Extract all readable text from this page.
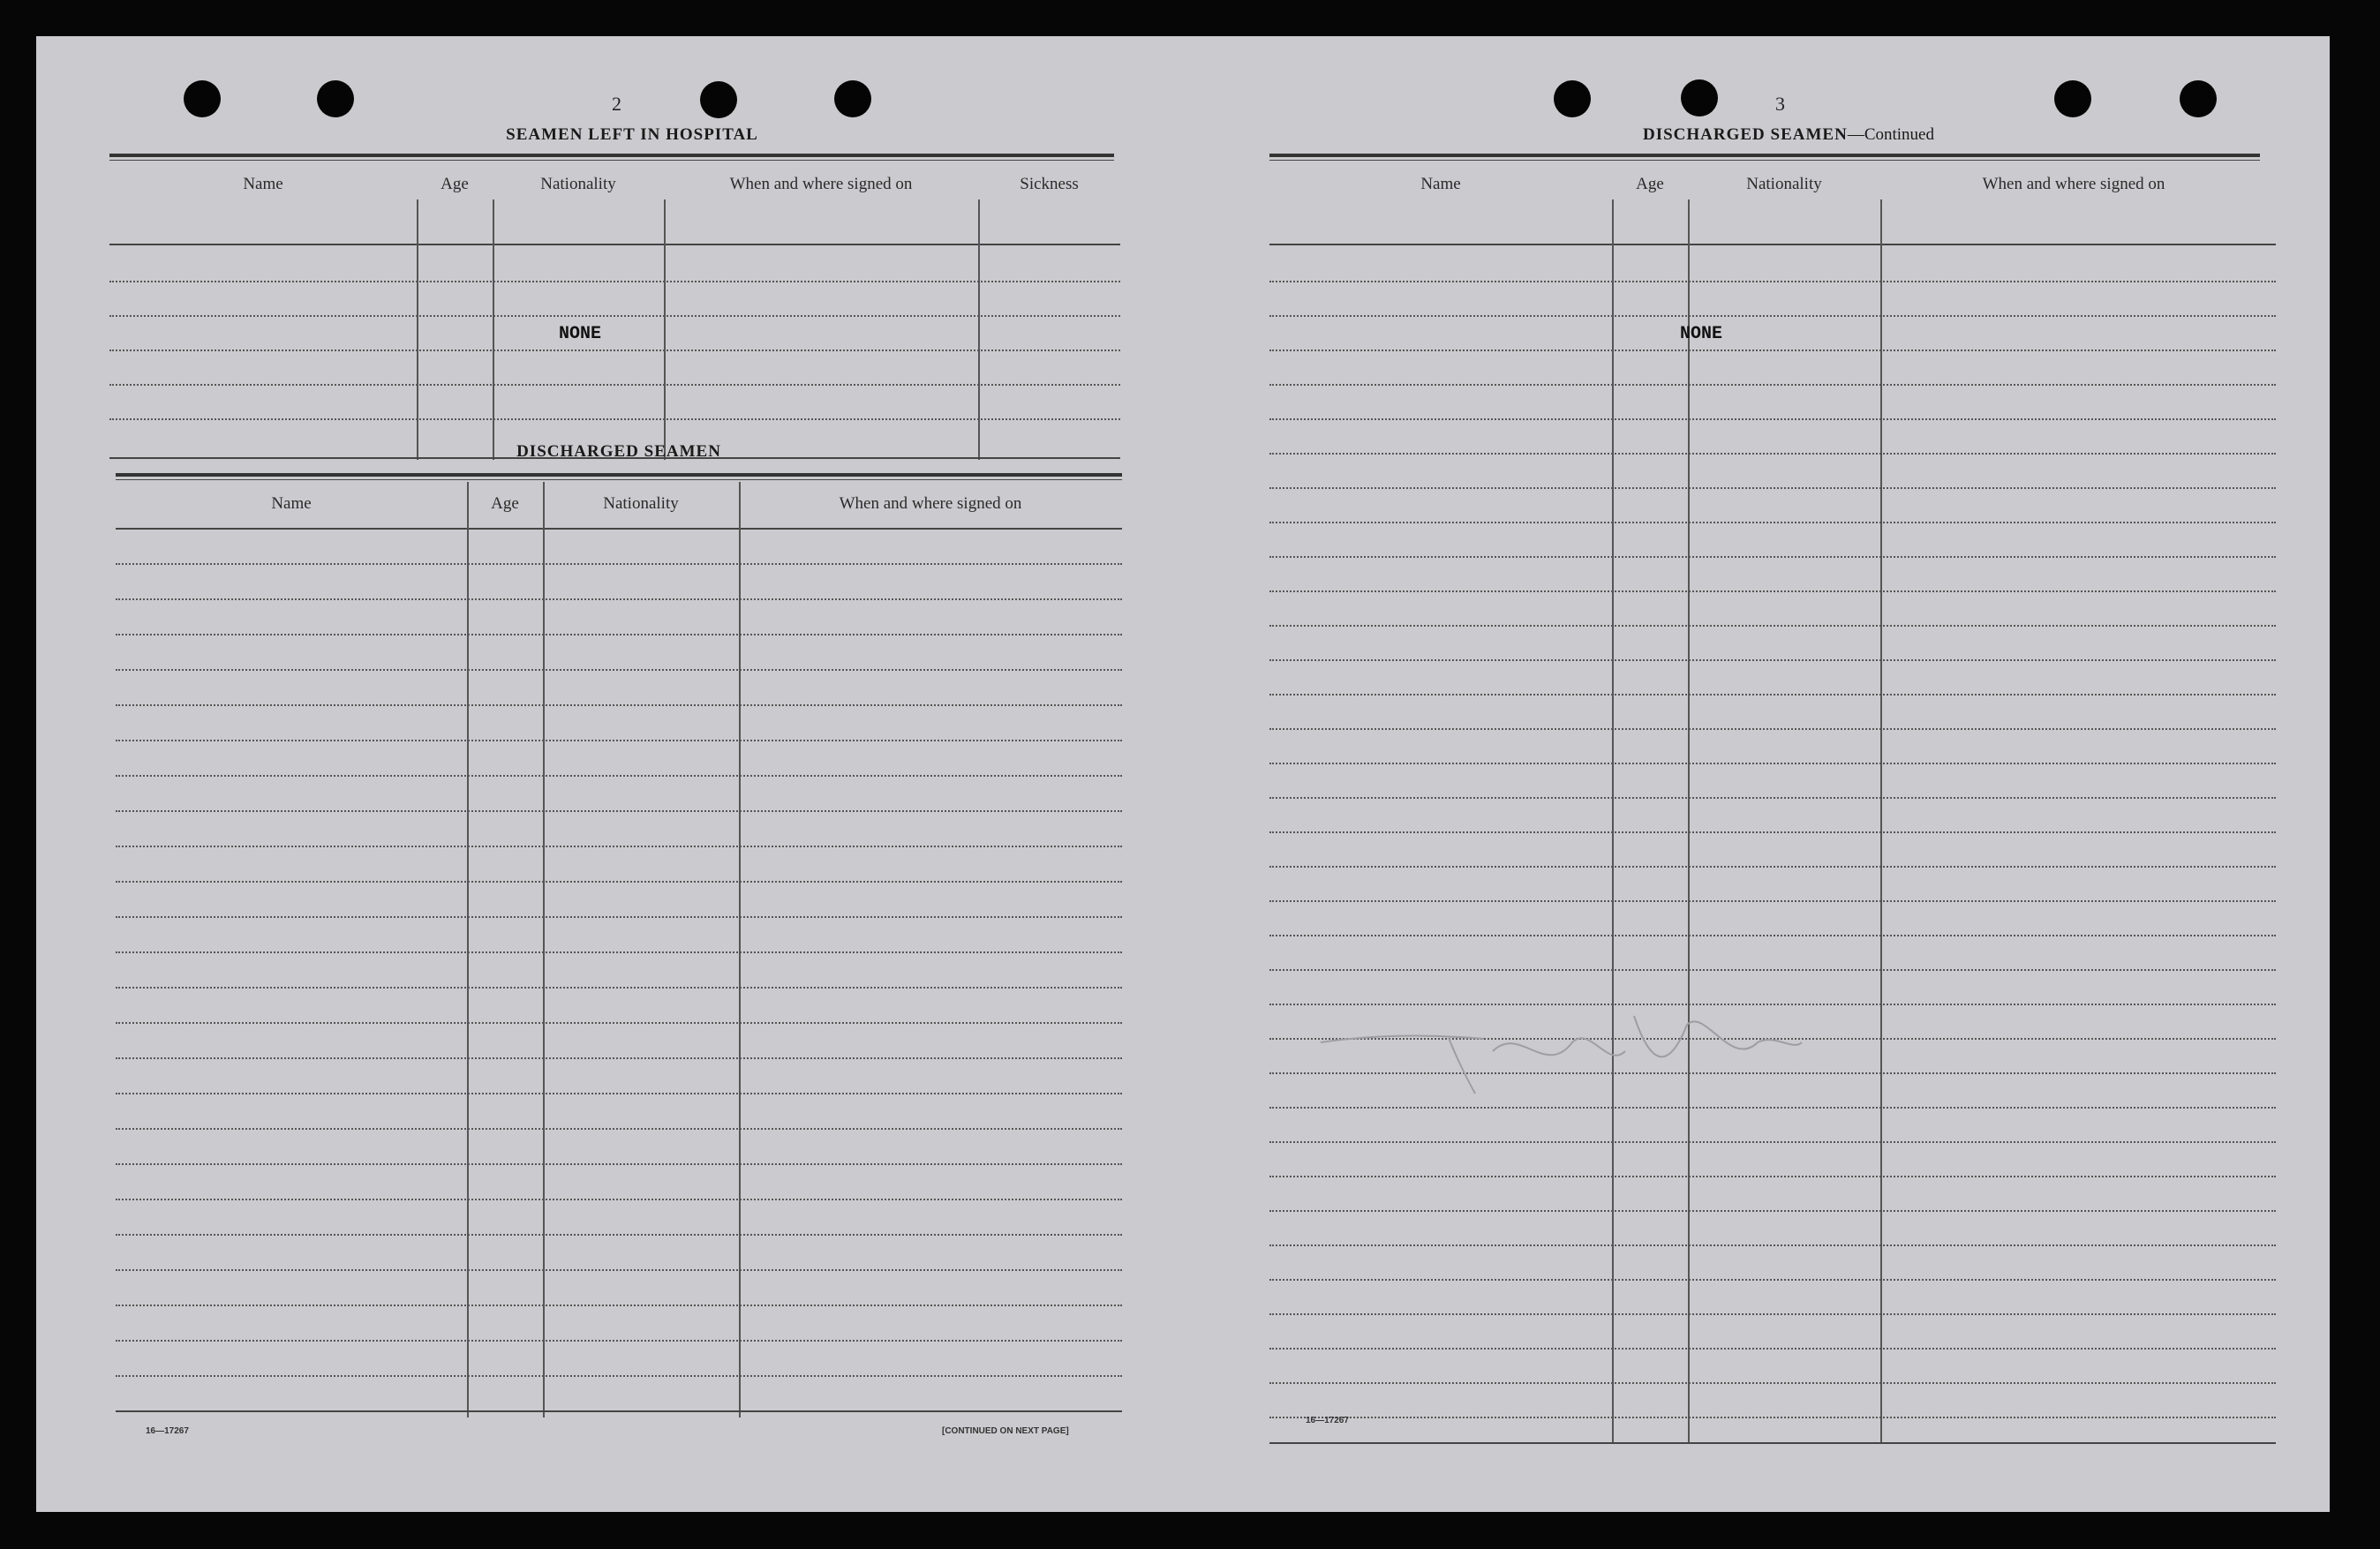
2
SEAMEN LEFT IN HOSPITAL
Name	Age	Nationality	When and where signed on	Sickness
NONE
DISCHARGED SEAMEN
Name	Age	Nationality	When and where signed on
16—17267	[CONTINUED ON NEXT PAGE]
3
DISCHARGED SEAMEN—Continued
Name	Age	Nationality	When and where signed on
NONE
16—17267
